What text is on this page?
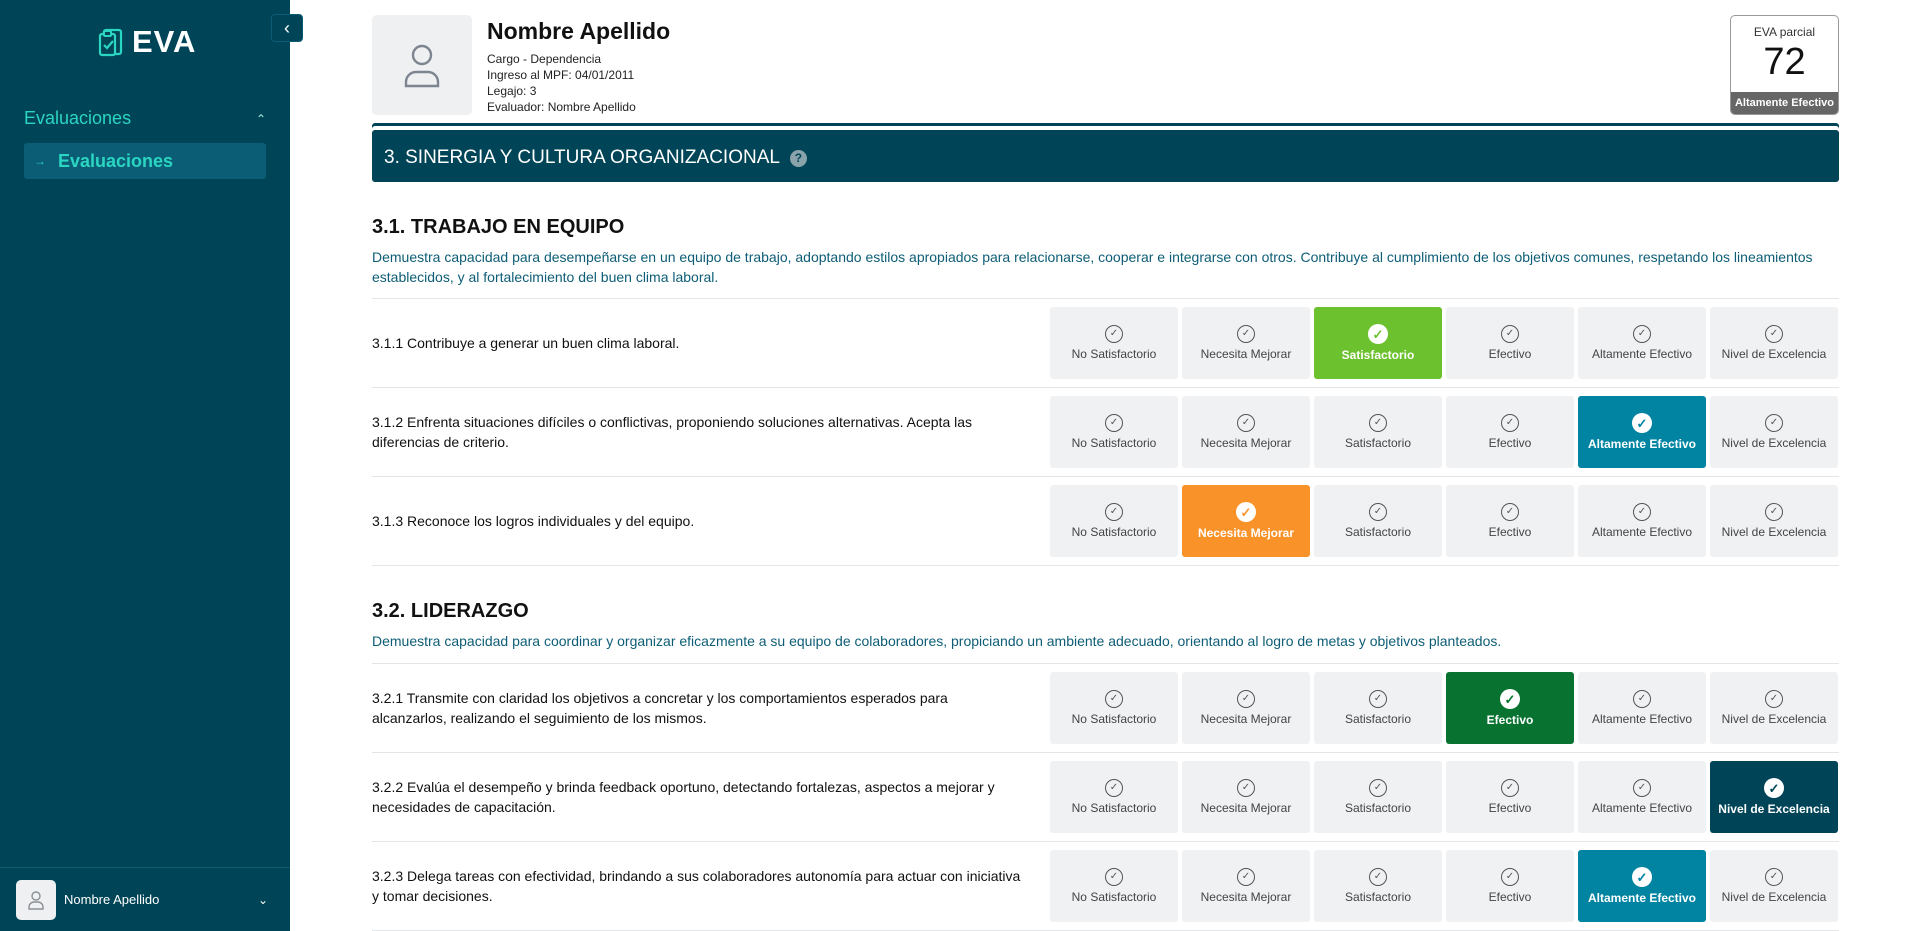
EVA
Evaluaciones	⌃
→ Evaluaciones
Nombre Apellido	⌄
‹	Nombre Apellido
Cargo - Dependencia
Ingreso al MPF: 04/01/2011
Legajo: 3
Evaluador: Nombre Apellido
EVA parcial
72
Altamente Efectivo
3. SINERGIA Y CULTURA ORGANIZACIONAL	?
3.1. TRABAJO EN EQUIPO
Demuestra capacidad para desempeñarse en un equipo de trabajo, adoptando estilos apropiados para relacionarse, cooperar e integrarse con otros. Contribuye al cumplimiento de los objetivos comunes, respetando los lineamientos establecidos, y al fortalecimiento del buen clima laboral.
3.1.1 Contribuye a generar un buen clima laboral.
✓
No Satisfactorio
✓
Necesita Mejorar
✓
Satisfactorio
✓
Efectivo
✓
Altamente Efectivo
✓
Nivel de Excelencia
3.1.2 Enfrenta situaciones difíciles o conflictivas, proponiendo soluciones alternativas. Acepta las diferencias de criterio.
✓
No Satisfactorio
✓
Necesita Mejorar
✓
Satisfactorio
✓
Efectivo
✓
Altamente Efectivo
✓
Nivel de Excelencia
3.1.3 Reconoce los logros individuales y del equipo.
✓
No Satisfactorio
✓
Necesita Mejorar
✓
Satisfactorio
✓
Efectivo
✓
Altamente Efectivo
✓
Nivel de Excelencia
3.2. LIDERAZGO
Demuestra capacidad para coordinar y organizar eficazmente a su equipo de colaboradores, propiciando un ambiente adecuado, orientando al logro de metas y objetivos planteados.
3.2.1 Transmite con claridad los objetivos a concretar y los comportamientos esperados para alcanzarlos, realizando el seguimiento de los mismos.
✓
No Satisfactorio
✓
Necesita Mejorar
✓
Satisfactorio
✓
Efectivo
✓
Altamente Efectivo
✓
Nivel de Excelencia
3.2.2 Evalúa el desempeño y brinda feedback oportuno, detectando fortalezas, aspectos a mejorar y necesidades de capacitación.
✓
No Satisfactorio
✓
Necesita Mejorar
✓
Satisfactorio
✓
Efectivo
✓
Altamente Efectivo
✓
Nivel de Excelencia
3.2.3 Delega tareas con efectividad, brindando a sus colaboradores autonomía para actuar con iniciativa y tomar decisiones.
✓
No Satisfactorio
✓
Necesita Mejorar
✓
Satisfactorio
✓
Efectivo
✓
Altamente Efectivo
✓
Nivel de Excelencia
